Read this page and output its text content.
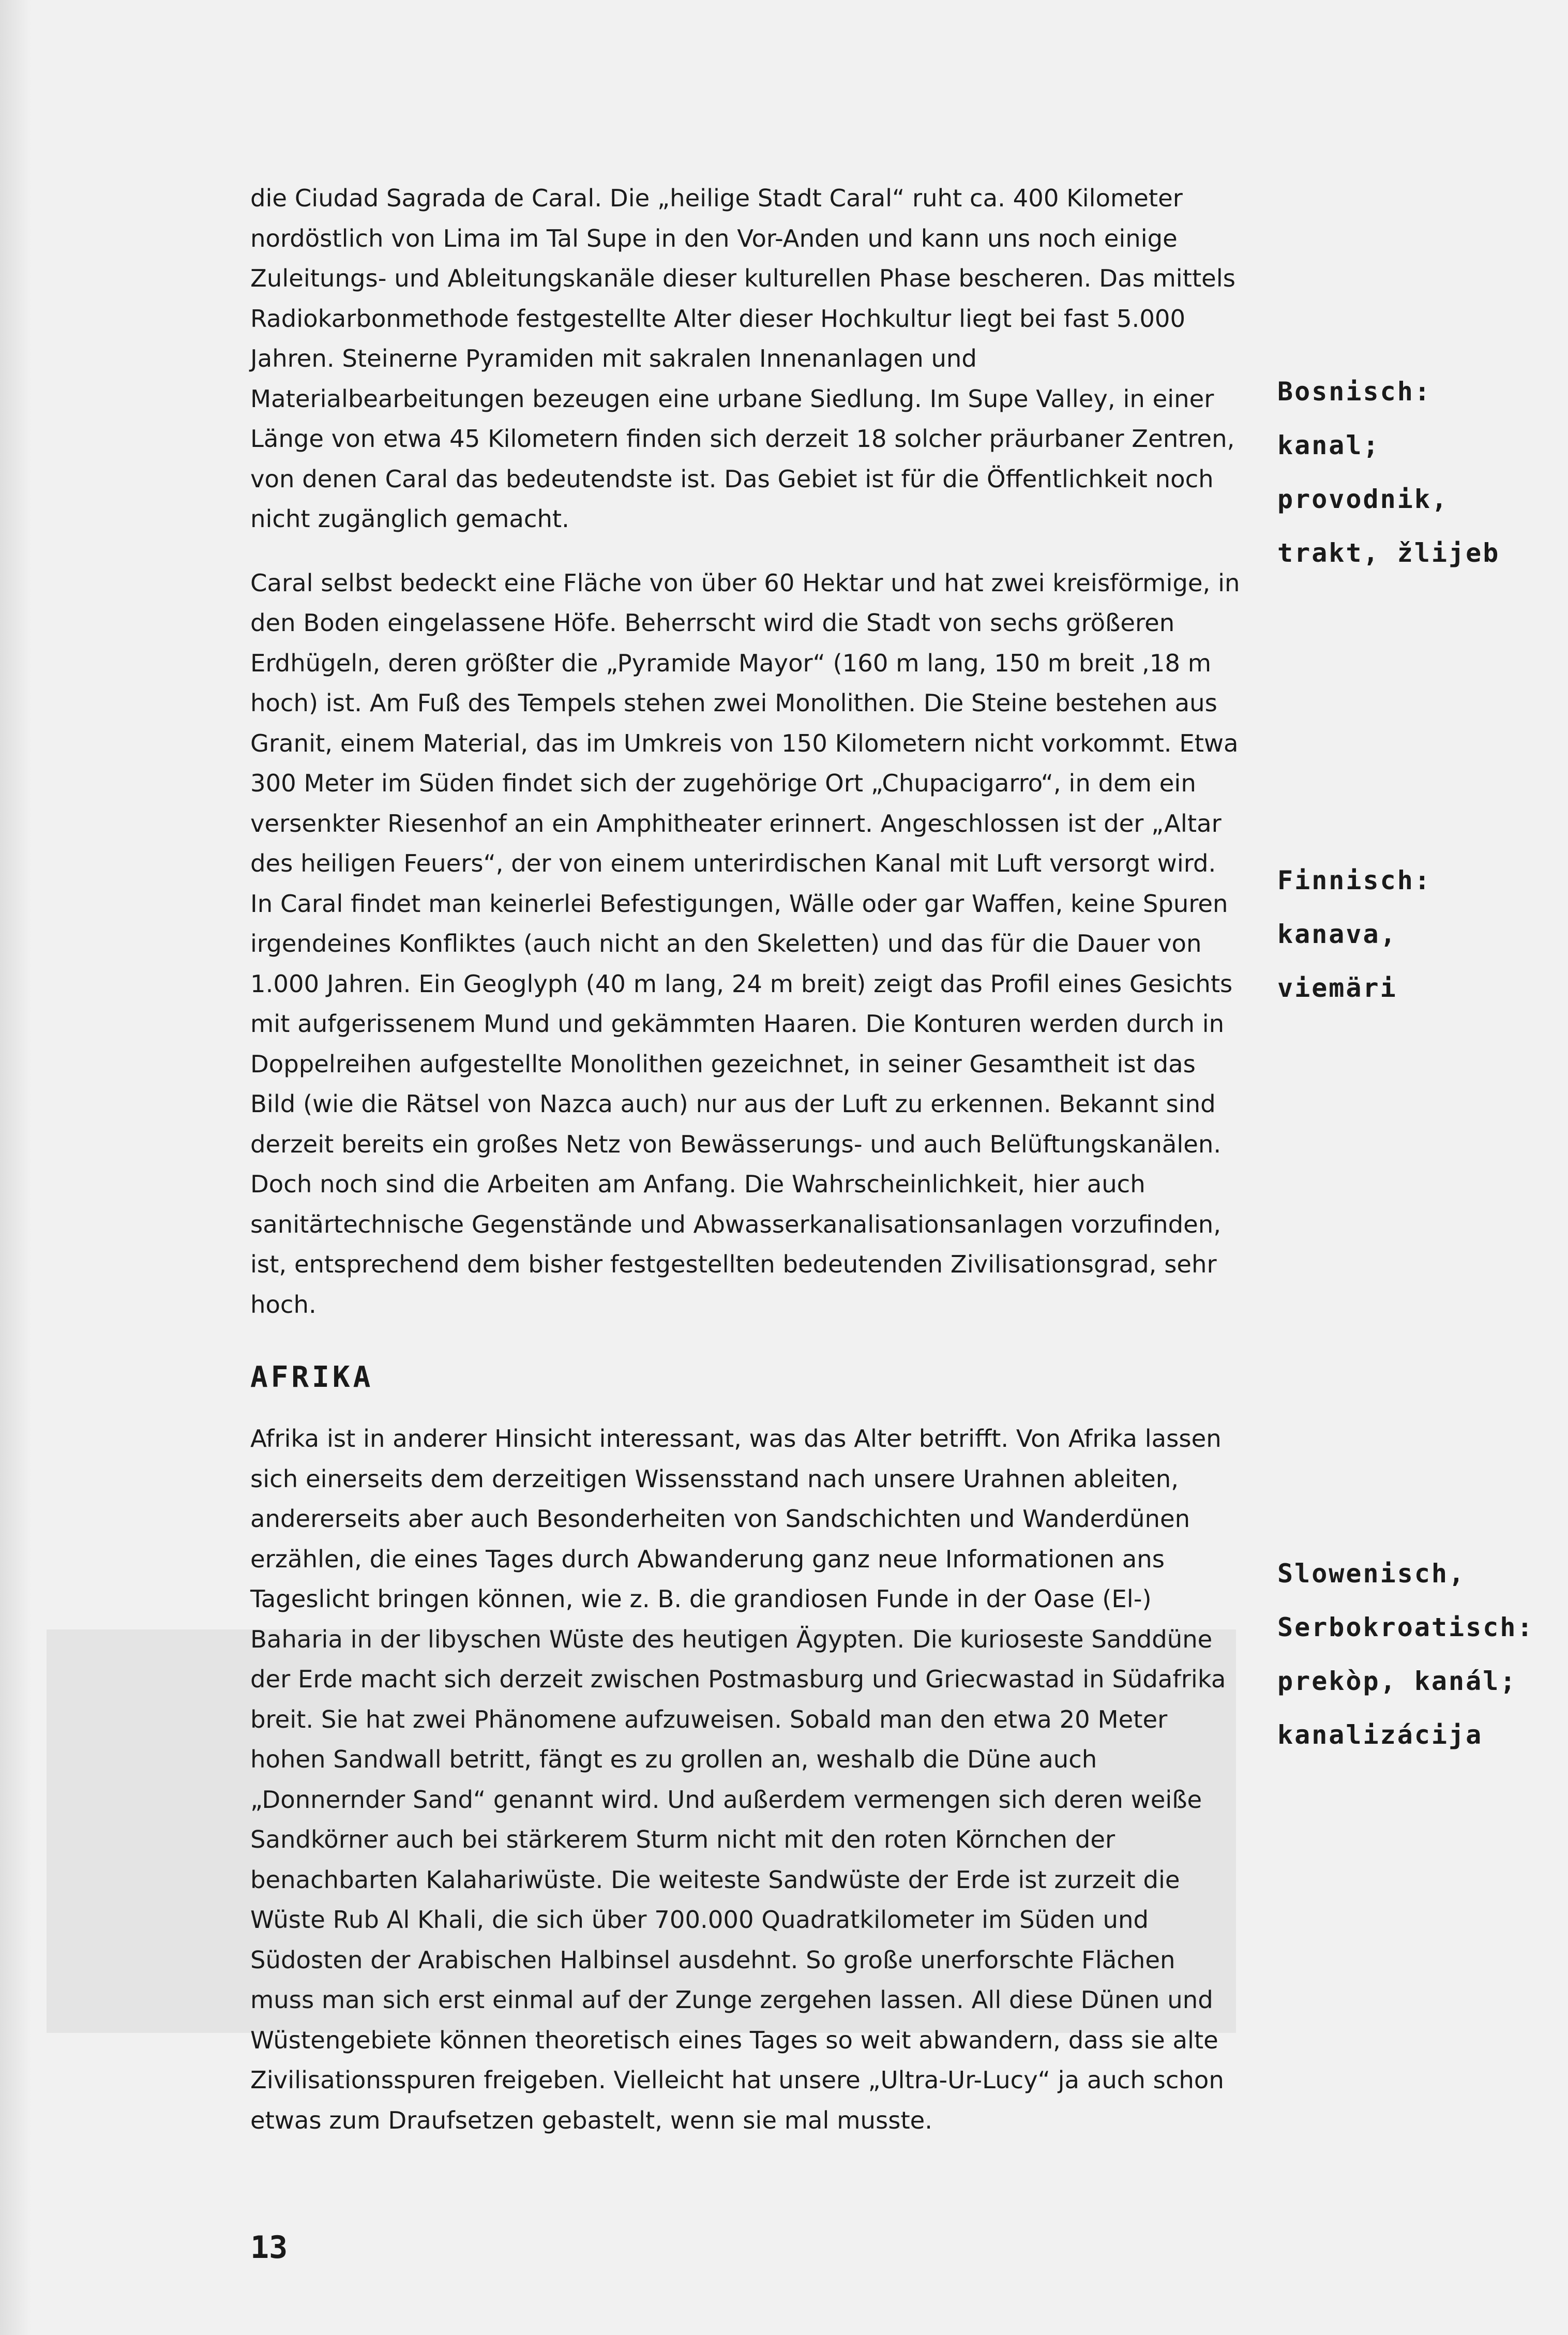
die Ciudad Sagrada de Caral. Die „heilige Stadt Caral“ ruht ca. 400 Kilometer nordöstlich von Lima im Tal Supe in den Vor-Anden und kann uns noch einige Zuleitungs- und Ableitungskanäle dieser kulturellen Phase bescheren. Das mittels Radiokarbonmethode festgestellte Alter dieser Hochkultur liegt bei fast 5.000 Jahren. Steinerne Pyramiden mit sakralen Innenanlagen und Materialbearbeitungen bezeugen eine urbane Siedlung. Im Supe Valley, in einer Länge von etwa 45 Kilometern finden sich derzeit 18 solcher präurbaner Zentren, von denen Caral das bedeutendste ist. Das Gebiet ist für die Öffentlichkeit noch nicht zugänglich gemacht.

Caral selbst bedeckt eine Fläche von über 60 Hektar und hat zwei kreisförmige, in den Boden eingelassene Höfe. Beherrscht wird die Stadt von sechs größeren Erdhügeln, deren größter die „Pyramide Mayor“ (160 m lang, 150 m breit ,18 m hoch) ist. Am Fuß des Tempels stehen zwei Monolithen. Die Steine bestehen aus Granit, einem Material, das im Umkreis von 150 Kilometern nicht vorkommt. Etwa 300 Meter im Süden findet sich der zugehörige Ort „Chupacigarro“, in dem ein versenkter Riesenhof an ein Amphitheater erinnert. Angeschlossen ist der „Altar des heiligen Feuers“, der von einem unterirdischen Kanal mit Luft versorgt wird. In Caral findet man keinerlei Befestigungen, Wälle oder gar Waffen, keine Spuren irgendeines Konfliktes (auch nicht an den Skeletten) und das für die Dauer von 1.000 Jahren. Ein Geoglyph (40 m lang, 24 m breit) zeigt das Profil eines Gesichts mit aufgerissenem Mund und gekämmten Haaren. Die Konturen werden durch in Doppelreihen aufgestellte Monolithen gezeichnet, in seiner Gesamtheit ist das Bild (wie die Rätsel von Nazca auch) nur aus der Luft zu erkennen. Bekannt sind derzeit bereits ein großes Netz von Bewässerungs- und auch Belüftungskanälen. Doch noch sind die Arbeiten am Anfang. Die Wahrscheinlichkeit, hier auch sanitärtechnische Gegenstände und Abwasserkanalisationsanlagen vorzufinden, ist, entsprechend dem bisher festgestellten bedeutenden Zivilisationsgrad, sehr hoch.

AFRIKA

Afrika ist in anderer Hinsicht interessant, was das Alter betrifft. Von Afrika lassen sich einerseits dem derzeitigen Wissensstand nach unsere Urahnen ableiten, andererseits aber auch Besonderheiten von Sandschichten und Wanderdünen erzählen, die eines Tages durch Abwanderung ganz neue Informationen ans Tageslicht bringen können, wie z. B. die grandiosen Funde in der Oase (El-) Baharia in der libyschen Wüste des heutigen Ägypten. Die kurioseste Sanddüne der Erde macht sich derzeit zwischen Postmasburg und Griecwastad in Südafrika breit. Sie hat zwei Phänomene aufzuweisen. Sobald man den etwa 20 Meter hohen Sandwall betritt, fängt es zu grollen an, weshalb die Düne auch „Donnernder Sand“ genannt wird. Und außerdem vermengen sich deren weiße Sandkörner auch bei stärkerem Sturm nicht mit den roten Körnchen der benachbarten Kalahariwüste. Die weiteste Sandwüste der Erde ist zurzeit die Wüste Rub Al Khali, die sich über 700.000 Quadratkilometer im Süden und Südosten der Arabischen Halbinsel ausdehnt. So große unerforschte Flächen muss man sich erst einmal auf der Zunge zergehen lassen. All diese Dünen und Wüstengebiete können theoretisch eines Tages so weit abwandern, dass sie alte Zivilisationsspuren freigeben. Vielleicht hat unsere „Ultra-Ur-Lucy“ ja auch schon etwas zum Draufsetzen gebastelt, wenn sie mal musste.

Bosnisch:
kanal;
provodnik,
trakt, žlijeb
Finnisch:
kanava,
viemäri
Slowenisch,
Serbokroatisch:
prekòp, kanál;
kanalizácija
13
